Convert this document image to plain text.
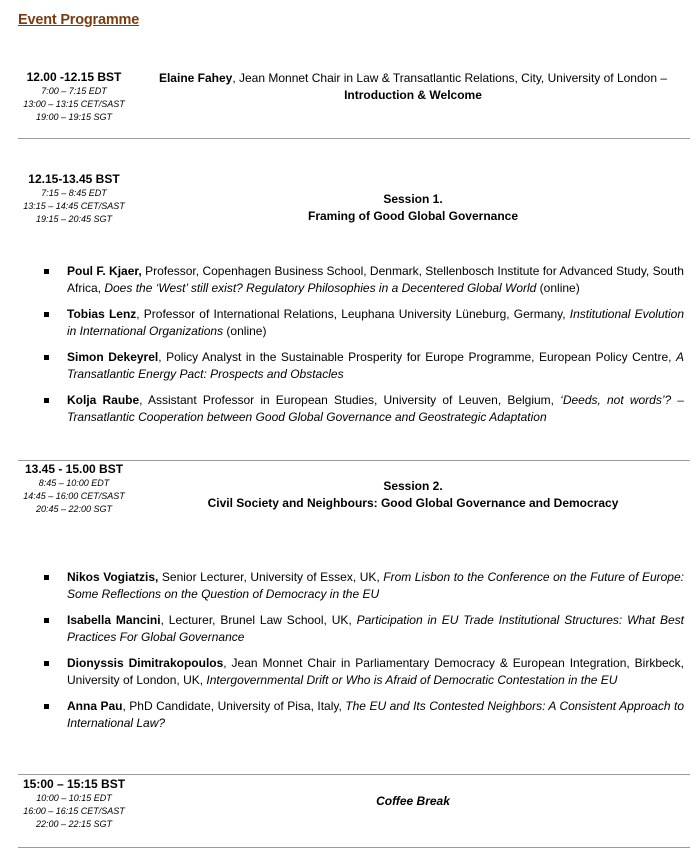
Event Programme
12.00 -12.15 BST
7:00 – 7:15 EDT
13:00 – 13:15 CET/SAST
19:00 – 19:15 SGT
Elaine Fahey, Jean Monnet Chair in Law & Transatlantic Relations, City, University of London –
Introduction & Welcome
12.15-13.45 BST
7:15 – 8:45 EDT
13:15 – 14:45 CET/SAST
19:15 – 20:45 SGT
Session 1.
Framing of Good Global Governance
Poul F. Kjaer, Professor, Copenhagen Business School, Denmark, Stellenbosch Institute for Advanced Study, South Africa, Does the ‘West’ still exist? Regulatory Philosophies in a Decentered Global World (online)
Tobias Lenz, Professor of International Relations, Leuphana University Lüneburg, Germany, Institutional Evolution in International Organizations (online)
Simon Dekeyrel, Policy Analyst in the Sustainable Prosperity for Europe Programme, European Policy Centre, A Transatlantic Energy Pact: Prospects and Obstacles
Kolja Raube, Assistant Professor in European Studies, University of Leuven, Belgium, ‘Deeds, not words’? – Transatlantic Cooperation between Good Global Governance and Geostrategic Adaptation
13.45 - 15.00 BST
8:45 – 10:00 EDT
14:45 – 16:00 CET/SAST
20:45 – 22:00 SGT
Session 2.
Civil Society and Neighbours: Good Global Governance and Democracy
Nikos Vogiatzis, Senior Lecturer, University of Essex, UK, From Lisbon to the Conference on the Future of Europe: Some Reflections on the Question of Democracy in the EU
Isabella Mancini, Lecturer, Brunel Law School, UK, Participation in EU Trade Institutional Structures: What Best Practices For Global Governance
Dionyssis Dimitrakopoulos, Jean Monnet Chair in Parliamentary Democracy & European Integration, Birkbeck, University of London, UK, Intergovernmental Drift or Who is Afraid of Democratic Contestation in the EU
Anna Pau, PhD Candidate, University of Pisa, Italy, The EU and Its Contested Neighbors: A Consistent Approach to International Law?
15:00 – 15:15 BST
10:00 – 10:15 EDT
16:00 – 16:15 CET/SAST
22:00 – 22:15 SGT
Coffee Break
